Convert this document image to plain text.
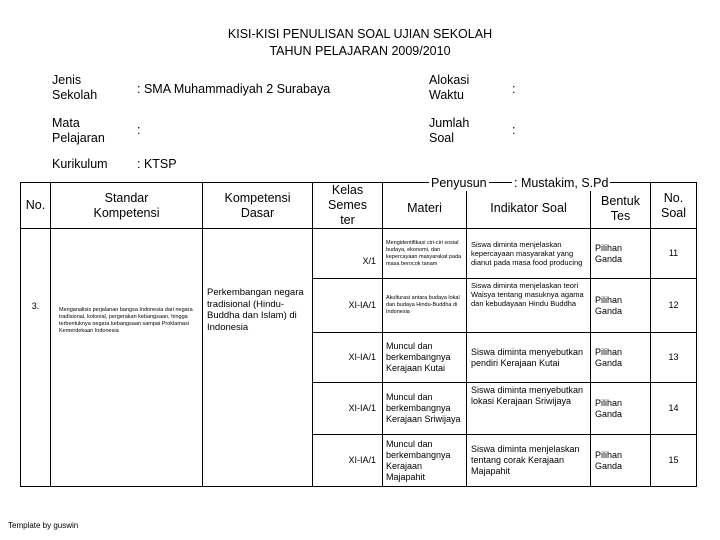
KISI-KISI PENULISAN SOAL UJIAN SEKOLAH
TAHUN PELAJARAN 2009/2010
Jenis Sekolah	: SMA Muhammadiyah 2 Surabaya
Mata Pelajaran
:
Kurikulum : KTSP
Alokasi Waktu	:
Jumlah Soal
:
No.	Standar Kompetensi	Kompetensi Dasar	Kelas Semes ter	Materi	Indikator Soal	Bentuk Tes	No. Soal
3.	Menganalisis perjalanan bangsa Indonesia dari negara tradisional, kolonial, pergerakan kebangsaan, hingga terbentuknya negara kebangsaan sampai Proklamasi Kemerdekaan Indonesia	Perkembangan negara tradisional (Hindu-Buddha dan Islam) di Indonesia	X/1	Mengidentifikasi ciri-ciri sosial budaya, ekonomi, dan kepercayaan masyarakat pada masa berocok tanam	Siswa diminta menjelaskan kepercayaan masyarakat yang dianut pada masa food producing	Pilihan Ganda	11
			XI-IA/1	Akulturasi antara budaya lokal dan budaya Hindu-Buddha di Indonesia	Siswa diminta menjelaskan teori Waisya tentang masuknya agama dan kebudayaan Hindu Buddha	Pilihan Ganda	12
			XI-IA/1	Muncul dan berkembangnya Kerajaan Kutai	Siswa diminta menyebutkan pendiri Kerajaan Kutai	Pilihan Ganda	13
			XI-IA/1	Muncul dan berkembangnya Kerajaan Sriwijaya	Siswa diminta menyebutkan lokasi Kerajaan Sriwijaya	Pilihan Ganda	14
			XI-IA/1	Muncul dan berkembangnya Kerajaan Majapahit	Siswa diminta menjelaskan tentang corak Kerajaan Majapahit	Pilihan Ganda	15
Penyusun : Mustakim, S.Pd
Template by guswin
